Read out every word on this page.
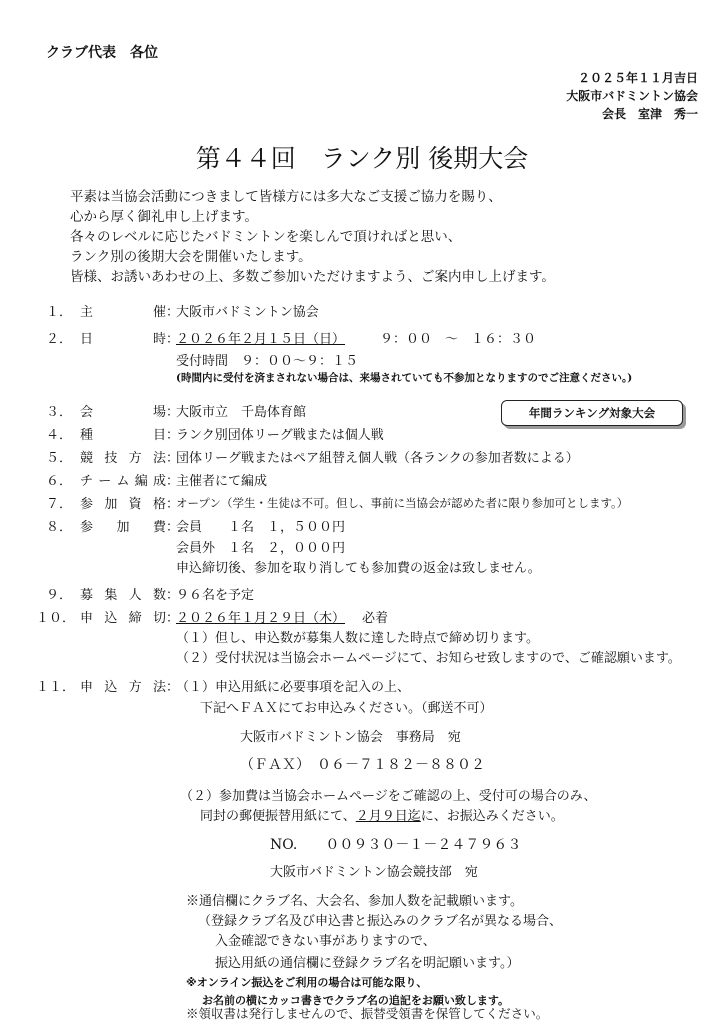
クラブ代表　各位
２０２５年１１月吉日
大阪市バドミントン協会
会長　室津　秀一
第４４回　ランク別 後期大会
平素は当協会活動につきまして皆様方には多大なご支援ご協力を賜り、
心から厚く御礼申し上げます。
各々のレベルに応じたバドミントンを楽しんで頂ければと思い、
ランク別の後期大会を開催いたします。
皆様、お誘いあわせの上、多数ご参加いただけますよう、ご案内申し上げます。
１． 主	催 ：
大阪市バドミントン協会
２． 日	時 ：
２０２６年２月１５日（日）	９：００　～　１６：３０
受付時間　９：００～９：１５
(時間内に受付を済まされない場合は、来場されていても不参加となりますのでご注意ください。)
３． 会	場 ：
大阪市立　千島体育館	年間ランキング対象大会
４． 種	目 ：
ランク別団体リーグ戦または個人戦
５． 競 技 方 法 ：
団体リーグ戦またはペア組替え個人戦（各ランクの参加者数による）
６． チ ー ム 編 成 ：
主催者にて編成
７． 参 加 資 格 ：
オープン（学生・生徒は不可。但し、事前に当協会が認めた者に限り参加可とします。）
８． 参 加 費 ：
会員　　１名　１，５００円
会員外　１名　２，０００円
申込締切後、参加を取り消しても参加費の返金は致しません。
９． 募 集 人 数 ：
９６名を予定
１０． 申 込 締 切 ：
２０２６年１月２９日（木） 必着
（１）但し、申込数が募集人数に達した時点で締め切ります。
（２）受付状況は当協会ホームページにて、お知らせ致しますので、ご確認願います。
１１． 申 込 方 法 ：
（１）申込用紙に必要事項を記入の上、
下記へＦＡＸにてお申込みください。（郵送不可）
大阪市バドミントン協会　事務局　宛
（ＦＡＸ）　０６－７１８２－８８０２
（２）参加費は当協会ホームページをご確認の上、受付可の場合のみ、
同封の郵便振替用紙にて、２月９日迄に、お振込みください。
NO.　　００９３０－１－２４７９６３
大阪市バドミントン協会競技部　宛
※通信欄にクラブ名、大会名、参加人数を記載願います。
（登録クラブ名及び申込書と振込みのクラブ名が異なる場合、
入金確認できない事がありますので、
振込用紙の通信欄に登録クラブ名を明記願います。）
※オンライン振込をご利用の場合は可能な限り、
お名前の横にカッコ書きでクラブ名の追記をお願い致します。
※領収書は発行しませんので、振替受領書を保管してください。
